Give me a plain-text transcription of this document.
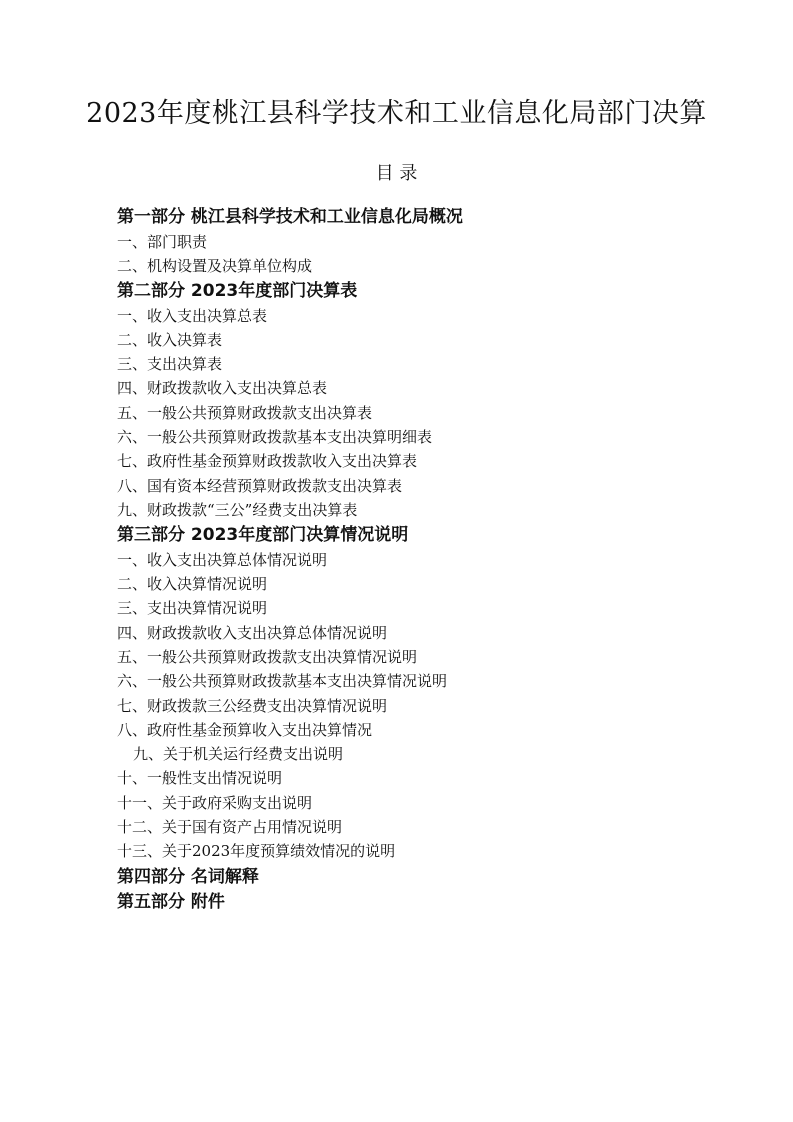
2023年度桃江县科学技术和工业信息化局部门决算
目 录
第一部分 桃江县科学技术和工业信息化局概况
一、部门职责
二、机构设置及决算单位构成
第二部分 2023年度部门决算表
一、收入支出决算总表
二、收入决算表
三、支出决算表
四、财政拨款收入支出决算总表
五、一般公共预算财政拨款支出决算表
六、一般公共预算财政拨款基本支出决算明细表
七、政府性基金预算财政拨款收入支出决算表
八、国有资本经营预算财政拨款支出决算表
九、财政拨款“三公”经费支出决算表
第三部分 2023年度部门决算情况说明
一、收入支出决算总体情况说明
二、收入决算情况说明
三、支出决算情况说明
四、财政拨款收入支出决算总体情况说明
五、一般公共预算财政拨款支出决算情况说明
六、一般公共预算财政拨款基本支出决算情况说明
七、财政拨款三公经费支出决算情况说明
八、政府性基金预算收入支出决算情况
九、关于机关运行经费支出说明
十、一般性支出情况说明
十一、关于政府采购支出说明
十二、关于国有资产占用情况说明
十三、关于2023年度预算绩效情况的说明
第四部分 名词解释
第五部分 附件
